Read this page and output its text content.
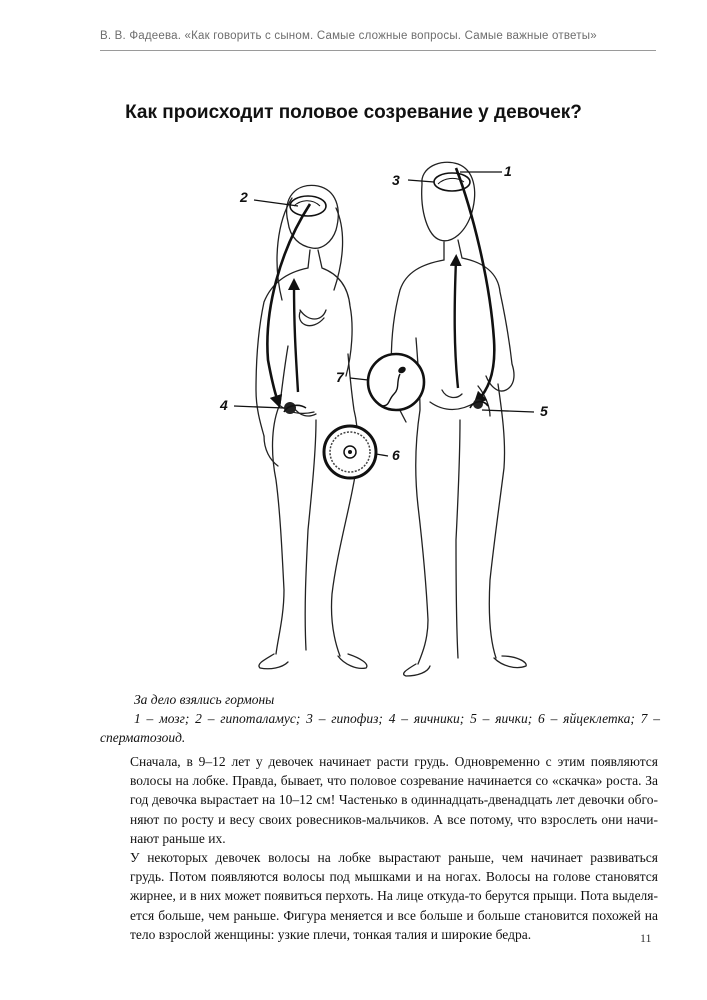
В. В. Фадеева. «Как говорить с сыном. Самые сложные вопросы. Самые важные ответы»
Как происходит половое созревание у девочек?
1
2
3
4	5
6
7

За дело взялись гормоны

1 – мозг; 2 – гипоталамус; 3 – гипофиз; 4 – яичники; 5 – яички; 6 – яйцеклетка; 7 –

сперматозоид.

Сначала, в 9–12 лет у девочек начинает расти грудь. Одновременно с этим появляются
волосы на лобке. Правда, бывает, что половое созревание начинается со «скачка» роста. За
год девочка вырастает на 10–12 см! Частенько в одиннадцать-двенадцать лет девочки обго-
няют по росту и весу своих ровесников-мальчиков. А все потому, что взрослеть они начи-
нают раньше их.
У некоторых девочек волосы на лобке вырастают раньше, чем начинает развиваться
грудь. Потом появляются волосы под мышками и на ногах. Волосы на голове становятся
жирнее, и в них может появиться перхоть. На лице откуда-то берутся прыщи. Пота выделя-
ется больше, чем раньше. Фигура меняется и все больше и больше становится похожей на
тело взрослой женщины: узкие плечи, тонкая талия и широкие бедра.	11
